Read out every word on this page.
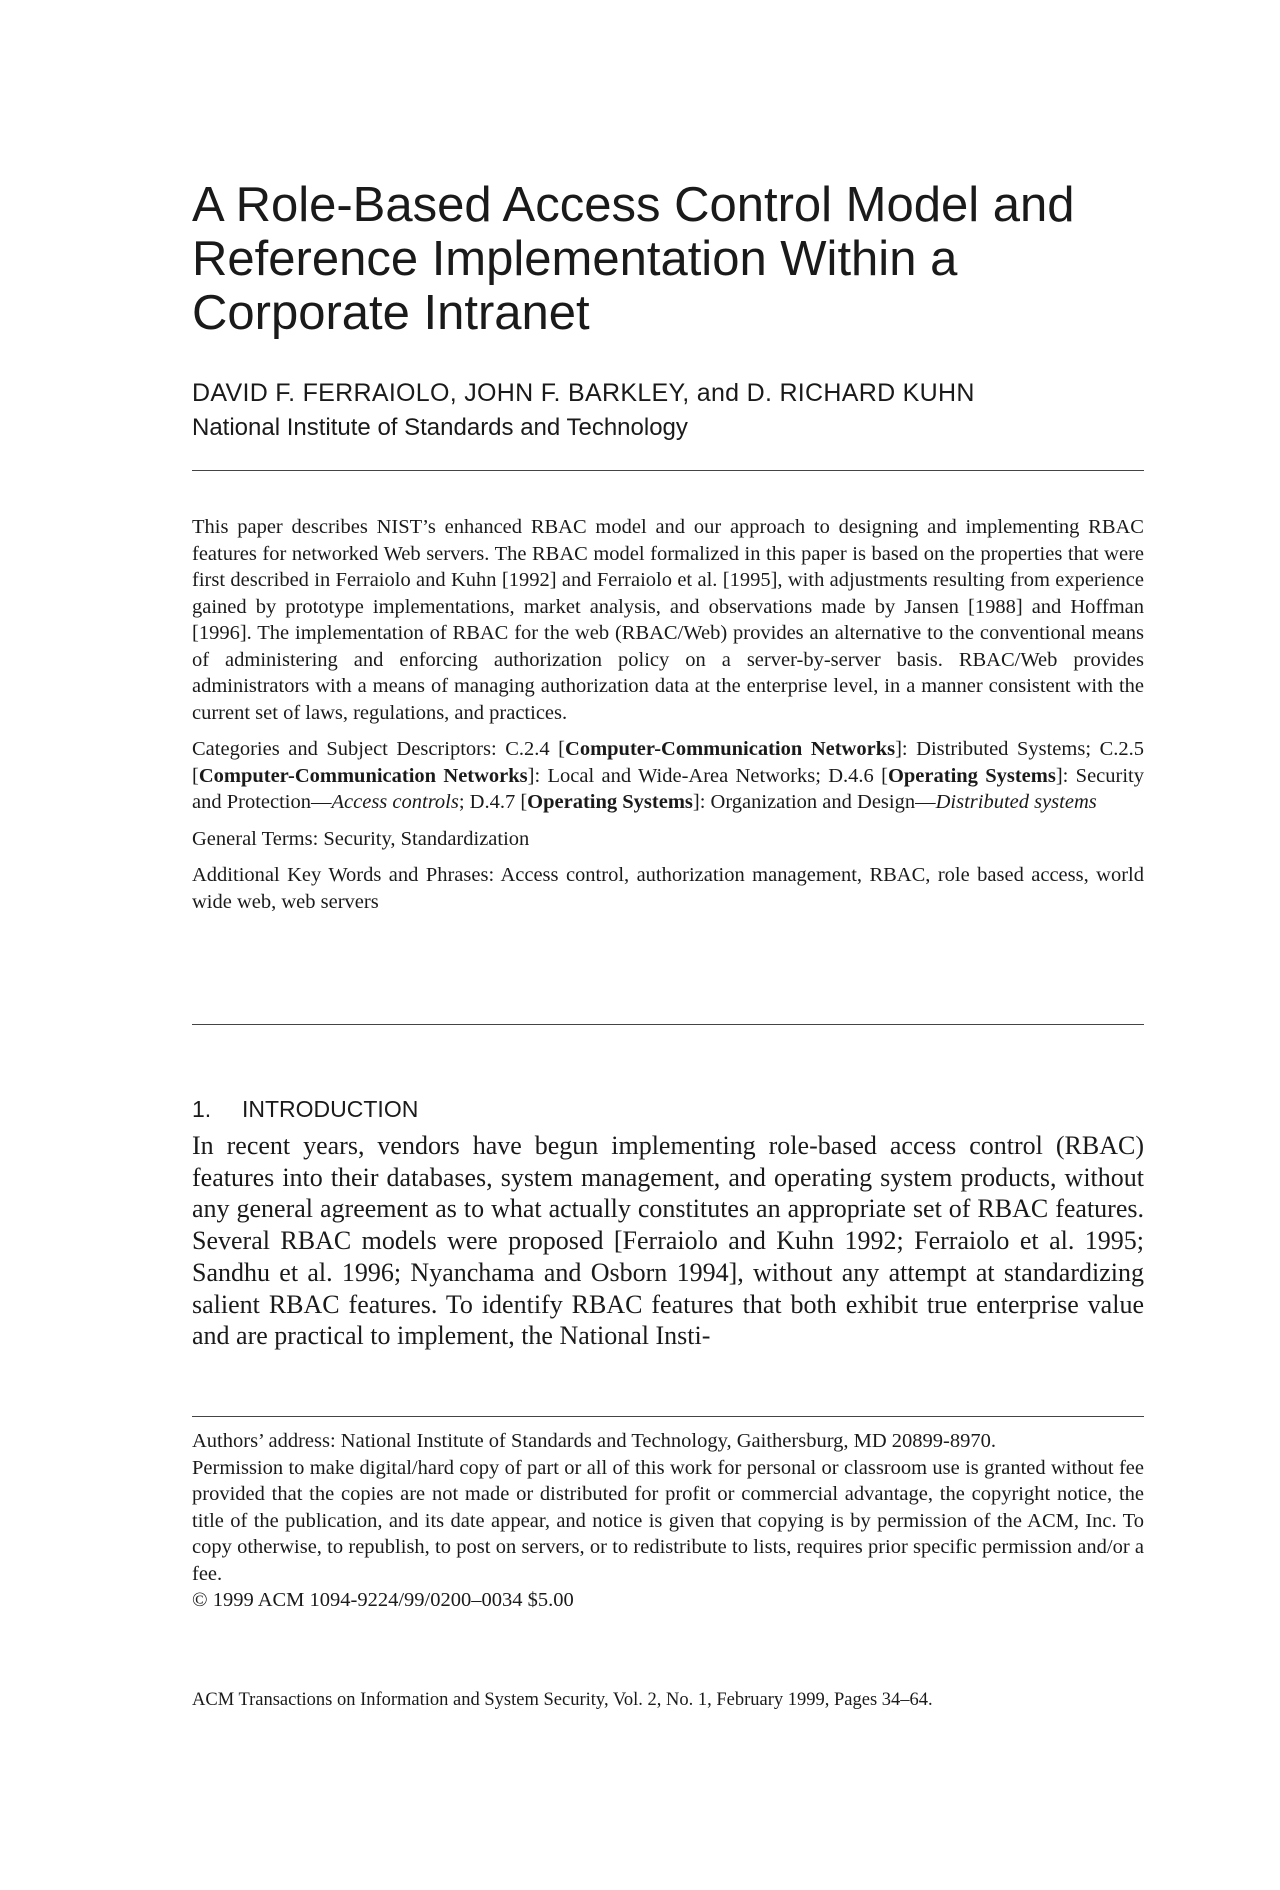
A Role-Based Access Control Model and Reference Implementation Within a Corporate Intranet
DAVID F. FERRAIOLO, JOHN F. BARKLEY, and D. RICHARD KUHN
National Institute of Standards and Technology

This paper describes NIST’s enhanced RBAC model and our approach to designing and implementing RBAC features for networked Web servers. The RBAC model formalized in this paper is based on the properties that were first described in Ferraiolo and Kuhn [1992] and Ferraiolo et al. [1995], with adjustments resulting from experience gained by prototype implementations, market analysis, and observations made by Jansen [1988] and Hoffman [1996]. The implementation of RBAC for the web (RBAC/Web) provides an alternative to the conventional means of administering and enforcing authorization policy on a server-by-server basis. RBAC/Web provides administrators with a means of managing authorization data at the enterprise level, in a manner consistent with the current set of laws, regulations, and practices.

Categories and Subject Descriptors: C.2.4 [Computer-Communication Networks]: Distributed Systems; C.2.5 [Computer-Communication Networks]: Local and Wide-Area Networks; D.4.6 [Operating Systems]: Security and Protection—Access controls; D.4.7 [Operating Systems]: Organization and Design—Distributed systems

General Terms: Security, Standardization

Additional Key Words and Phrases: Access control, authorization management, RBAC, role based access, world wide web, web servers

1. INTRODUCTION

In recent years, vendors have begun implementing role-based access control (RBAC) features into their databases, system management, and operating system products, without any general agreement as to what actually constitutes an appropriate set of RBAC features. Several RBAC models were proposed [Ferraiolo and Kuhn 1992; Ferraiolo et al. 1995; Sandhu et al. 1996; Nyanchama and Osborn 1994], without any attempt at standardizing salient RBAC features. To identify RBAC features that both exhibit true enterprise value and are practical to implement, the National Insti-

Authors’ address: National Institute of Standards and Technology, Gaithersburg, MD 20899-8970.

Permission to make digital/hard copy of part or all of this work for personal or classroom use is granted without fee provided that the copies are not made or distributed for profit or commercial advantage, the copyright notice, the title of the publication, and its date appear, and notice is given that copying is by permission of the ACM, Inc. To copy otherwise, to republish, to post on servers, or to redistribute to lists, requires prior specific permission and/or a fee.

© 1999 ACM 1094-9224/99/0200–0034 $5.00

ACM Transactions on Information and System Security, Vol. 2, No. 1, February 1999, Pages 34–64.
